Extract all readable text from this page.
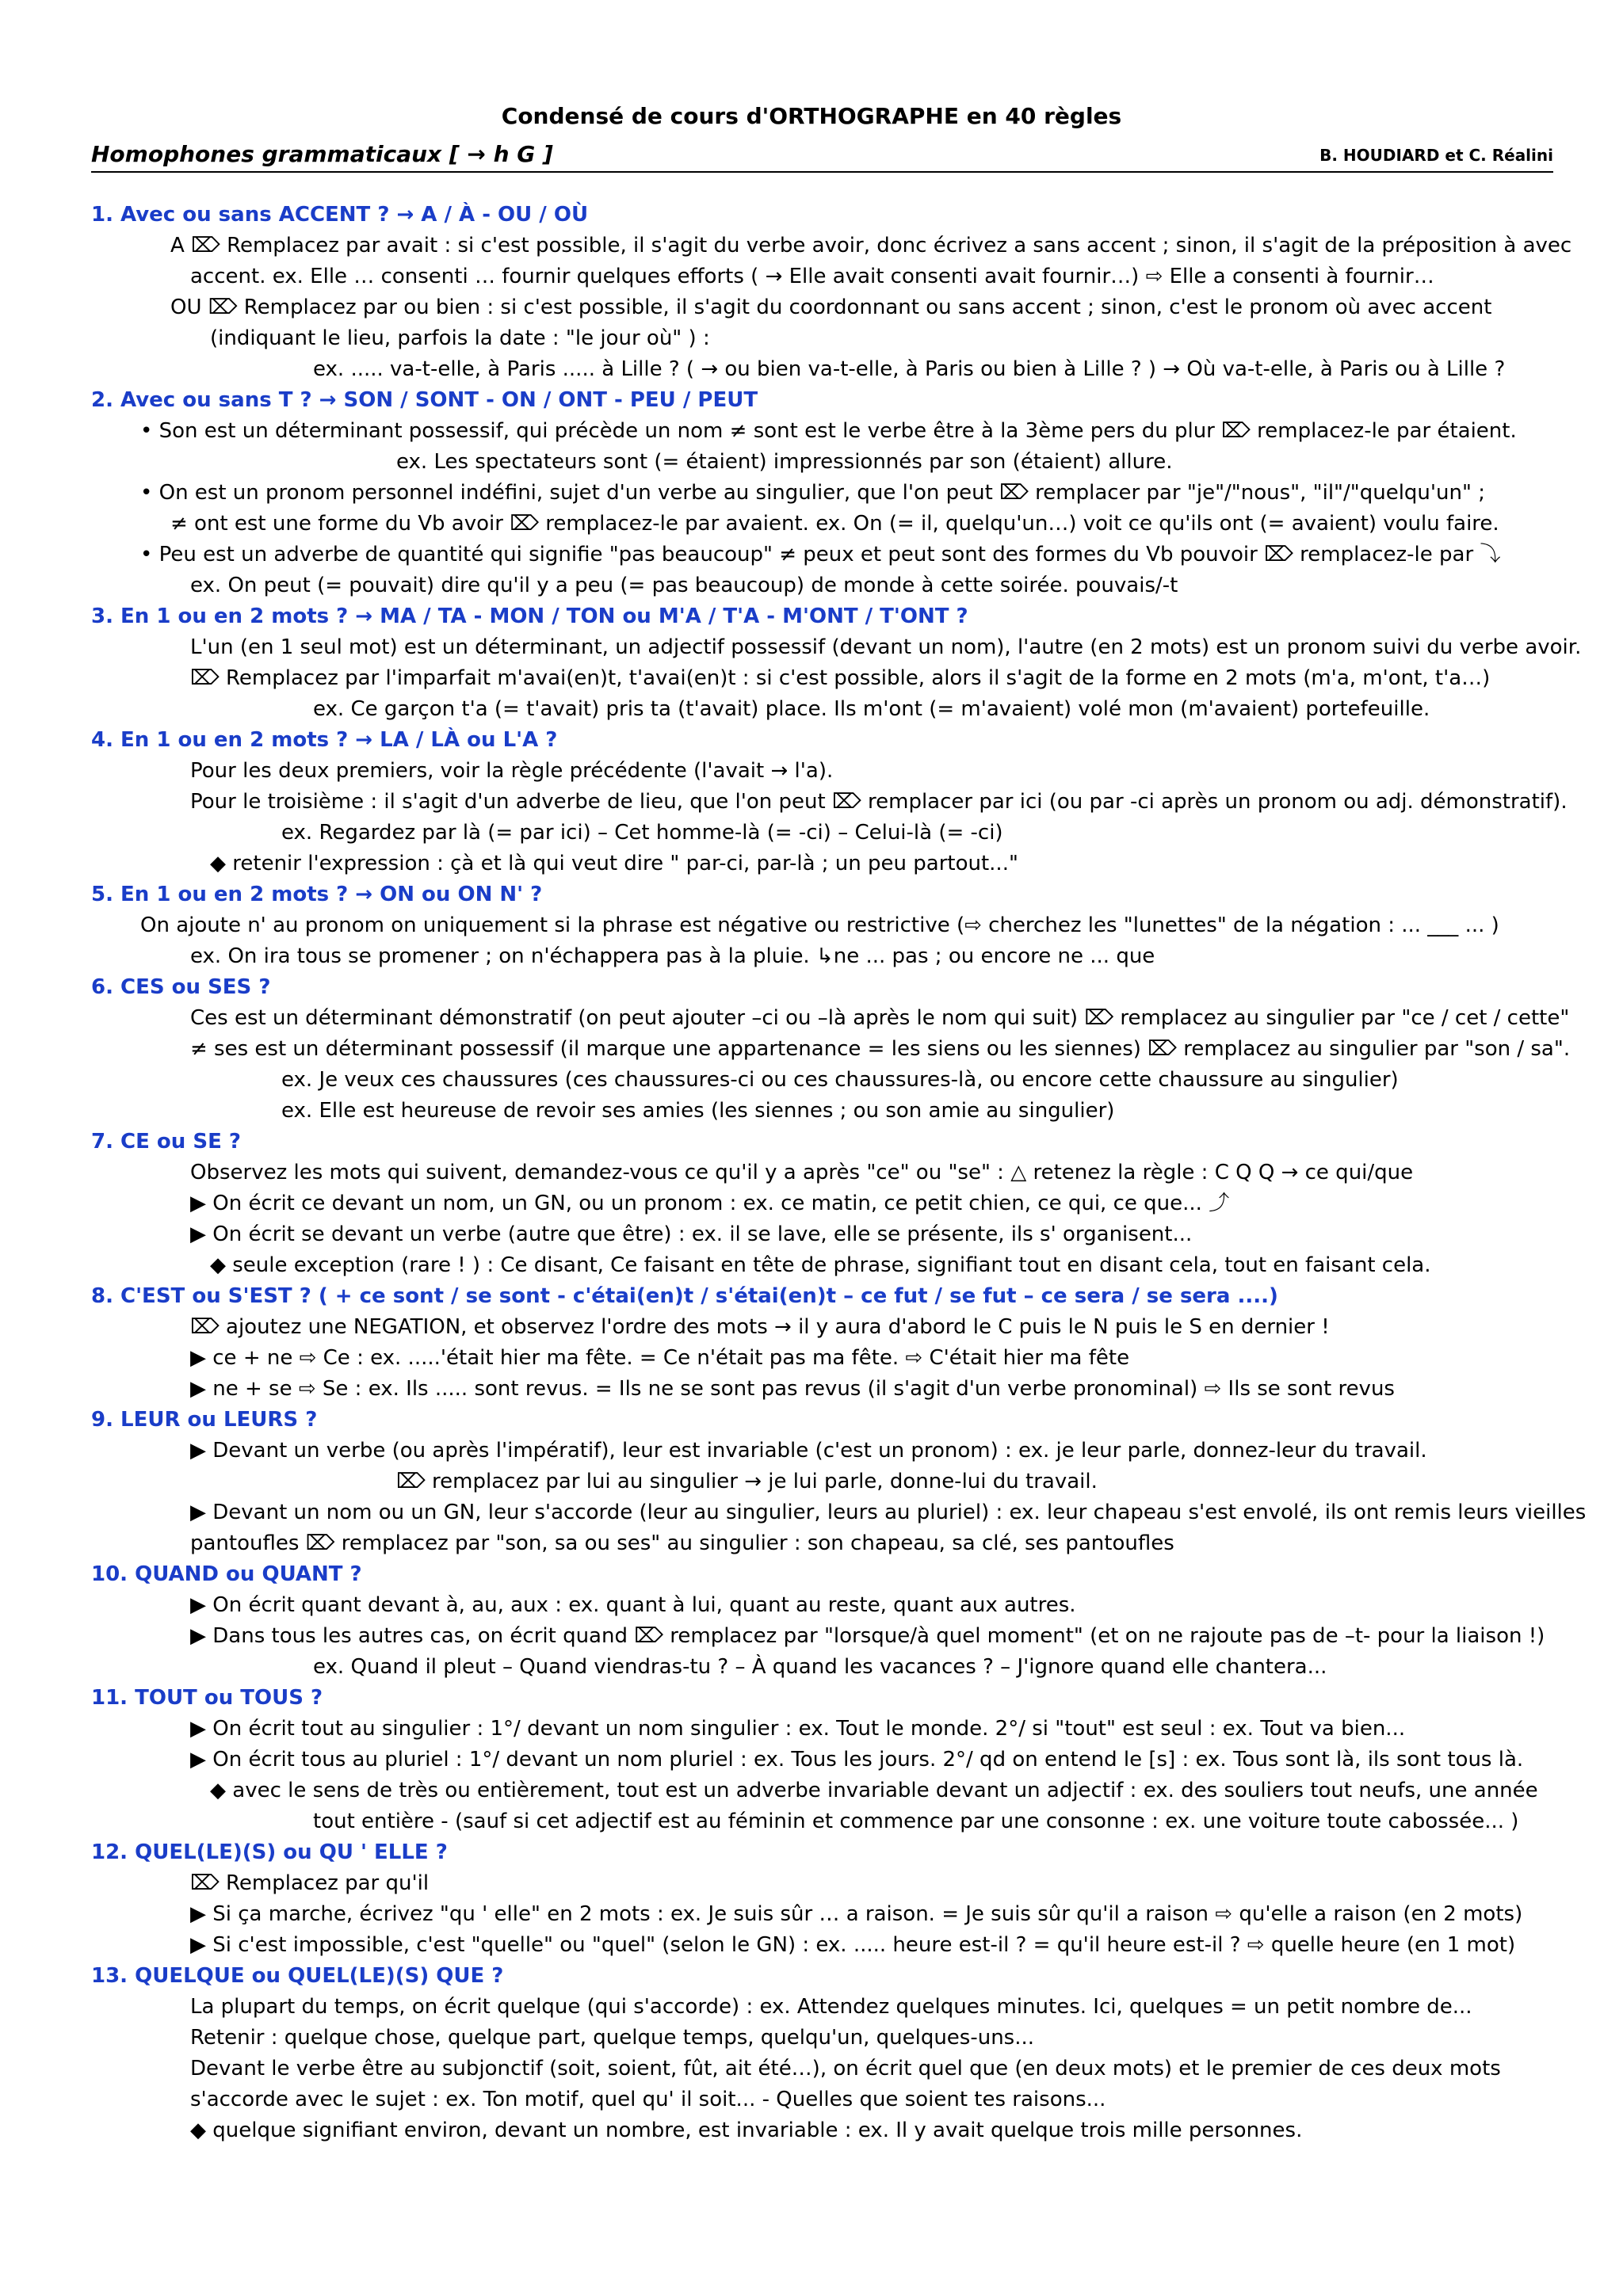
Condensé de cours d'ORTHOGRAPHE en 40 règles
Homophones grammaticaux [ → h G ]	B. HOUDIARD et C. Réalini

1. Avec ou sans ACCENT ? → A / À - OU / OÙ

A ⌦ Remplacez par avait : si c'est possible, il s'agit du verbe avoir, donc écrivez a sans accent ; sinon, il s'agit de la préposition à avec

accent. ex. Elle … consenti … fournir quelques efforts ( → Elle avait consenti avait fournir…) ⇨ Elle a consenti à fournir…

OU ⌦ Remplacez par ou bien : si c'est possible, il s'agit du coordonnant ou sans accent ; sinon, c'est le pronom où avec accent

(indiquant le lieu, parfois la date : "le jour où" ) :

ex. ..... va-t-elle, à Paris ..... à Lille ? ( → ou bien va-t-elle, à Paris ou bien à Lille ? ) → Où va-t-elle, à Paris ou à Lille ?

2. Avec ou sans T ? → SON / SONT - ON / ONT - PEU / PEUT

• Son est un déterminant possessif, qui précède un nom ≠ sont est le verbe être à la 3ème pers du plur ⌦ remplacez-le par étaient.

ex. Les spectateurs sont (= étaient) impressionnés par son (étaient) allure.

• On est un pronom personnel indéfini, sujet d'un verbe au singulier, que l'on peut ⌦ remplacer par "je"/"nous", "il"/"quelqu'un" ;

≠ ont est une forme du Vb avoir ⌦ remplacez-le par avaient. ex. On (= il, quelqu'un…) voit ce qu'ils ont (= avaient) voulu faire.

• Peu est un adverbe de quantité qui signifie "pas beaucoup" ≠ peux et peut sont des formes du Vb pouvoir ⌦ remplacez-le par ⤵

ex. On peut (= pouvait) dire qu'il y a peu (= pas beaucoup) de monde à cette soirée. pouvais/-t

3. En 1 ou en 2 mots ? → MA / TA - MON / TON ou M'A / T'A - M'ONT / T'ONT ?

L'un (en 1 seul mot) est un déterminant, un adjectif possessif (devant un nom), l'autre (en 2 mots) est un pronom suivi du verbe avoir.

⌦ Remplacez par l'imparfait m'avai(en)t, t'avai(en)t : si c'est possible, alors il s'agit de la forme en 2 mots (m'a, m'ont, t'a…)

ex. Ce garçon t'a (= t'avait) pris ta (t'avait) place. Ils m'ont (= m'avaient) volé mon (m'avaient) portefeuille.

4. En 1 ou en 2 mots ? → LA / LÀ ou L'A ?

Pour les deux premiers, voir la règle précédente (l'avait → l'a).

Pour le troisième : il s'agit d'un adverbe de lieu, que l'on peut ⌦ remplacer par ici (ou par -ci après un pronom ou adj. démonstratif).

ex. Regardez par là (= par ici) – Cet homme-là (= -ci) – Celui-là (= -ci)

◆ retenir l'expression : çà et là qui veut dire " par-ci, par-là ; un peu partout..."

5. En 1 ou en 2 mots ? → ON ou ON N' ?

On ajoute n' au pronom on uniquement si la phrase est négative ou restrictive (⇨ cherchez les "lunettes" de la négation : ... ___ ... )

ex. On ira tous se promener ; on n'échappera pas à la pluie. ↳ne ... pas ; ou encore ne ... que

6. CES ou SES ?

Ces est un déterminant démonstratif (on peut ajouter –ci ou –là après le nom qui suit) ⌦ remplacez au singulier par "ce / cet / cette"

≠ ses est un déterminant possessif (il marque une appartenance = les siens ou les siennes) ⌦ remplacez au singulier par "son / sa".

ex. Je veux ces chaussures (ces chaussures-ci ou ces chaussures-là, ou encore cette chaussure au singulier)

ex. Elle est heureuse de revoir ses amies (les siennes ; ou son amie au singulier)

7. CE ou SE ?

Observez les mots qui suivent, demandez-vous ce qu'il y a après "ce" ou "se" : △ retenez la règle : C Q Q → ce qui/que

▶ On écrit ce devant un nom, un GN, ou un pronom : ex. ce matin, ce petit chien, ce qui, ce que... ⤴

▶ On écrit se devant un verbe (autre que être) : ex. il se lave, elle se présente, ils s' organisent...

◆ seule exception (rare ! ) : Ce disant, Ce faisant en tête de phrase, signifiant tout en disant cela, tout en faisant cela.

8. C'EST ou S'EST ? ( + ce sont / se sont - c'étai(en)t / s'étai(en)t – ce fut / se fut – ce sera / se sera ....)

⌦ ajoutez une NEGATION, et observez l'ordre des mots → il y aura d'abord le C puis le N puis le S en dernier !

▶ ce + ne ⇨ Ce : ex. .....'était hier ma fête. = Ce n'était pas ma fête. ⇨ C'était hier ma fête

▶ ne + se ⇨ Se : ex. Ils ..... sont revus. = Ils ne se sont pas revus (il s'agit d'un verbe pronominal) ⇨ Ils se sont revus

9. LEUR ou LEURS ?

▶ Devant un verbe (ou après l'impératif), leur est invariable (c'est un pronom) : ex. je leur parle, donnez-leur du travail.

⌦ remplacez par lui au singulier → je lui parle, donne-lui du travail.

▶ Devant un nom ou un GN, leur s'accorde (leur au singulier, leurs au pluriel) : ex. leur chapeau s'est envolé, ils ont remis leurs vieilles

pantoufles ⌦ remplacez par "son, sa ou ses" au singulier : son chapeau, sa clé, ses pantoufles

10. QUAND ou QUANT ?

▶ On écrit quant devant à, au, aux : ex. quant à lui, quant au reste, quant aux autres.

▶ Dans tous les autres cas, on écrit quand ⌦ remplacez par "lorsque/à quel moment" (et on ne rajoute pas de –t- pour la liaison !)

ex. Quand il pleut – Quand viendras-tu ? – À quand les vacances ? – J'ignore quand elle chantera...

11. TOUT ou TOUS ?

▶ On écrit tout au singulier : 1°/ devant un nom singulier : ex. Tout le monde. 2°/ si "tout" est seul : ex. Tout va bien...

▶ On écrit tous au pluriel : 1°/ devant un nom pluriel : ex. Tous les jours. 2°/ qd on entend le [s] : ex. Tous sont là, ils sont tous là.

◆ avec le sens de très ou entièrement, tout est un adverbe invariable devant un adjectif : ex. des souliers tout neufs, une année

tout entière - (sauf si cet adjectif est au féminin et commence par une consonne : ex. une voiture toute cabossée... )

12. QUEL(LE)(S) ou QU ' ELLE ?

⌦ Remplacez par qu'il

▶ Si ça marche, écrivez "qu ' elle" en 2 mots : ex. Je suis sûr … a raison. = Je suis sûr qu'il a raison ⇨ qu'elle a raison (en 2 mots)

▶ Si c'est impossible, c'est "quelle" ou "quel" (selon le GN) : ex. ..... heure est-il ? = qu'il heure est-il ? ⇨ quelle heure (en 1 mot)

13. QUELQUE ou QUEL(LE)(S) QUE ?

La plupart du temps, on écrit quelque (qui s'accorde) : ex. Attendez quelques minutes. Ici, quelques = un petit nombre de...

Retenir : quelque chose, quelque part, quelque temps, quelqu'un, quelques-uns...

Devant le verbe être au subjonctif (soit, soient, fût, ait été…), on écrit quel que (en deux mots) et le premier de ces deux mots

s'accorde avec le sujet : ex. Ton motif, quel qu' il soit... - Quelles que soient tes raisons...

◆ quelque signifiant environ, devant un nombre, est invariable : ex. Il y avait quelque trois mille personnes.
